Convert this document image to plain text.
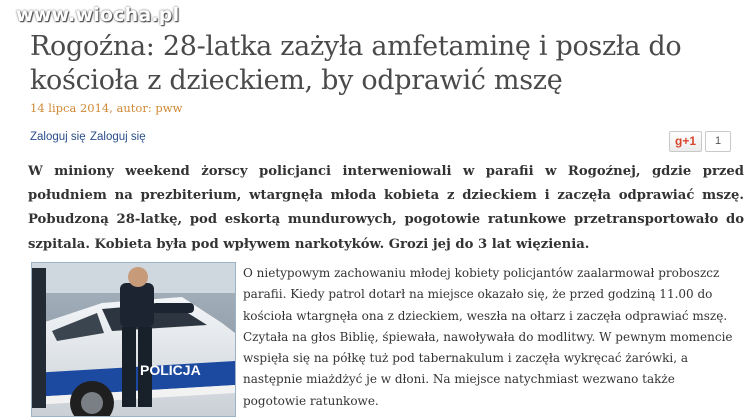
www.wiocha.pl
Rogoźna: 28-latka zażyła amfetaminę i poszła do kościoła z dzieckiem, by odprawić mszę
14 lipca 2014, autor: pww
Zaloguj się Zaloguj się	g+1	1

W miniony weekend żorscy policjanci interweniowali w parafii w Rogoźnej, gdzie przed południem na prezbiterium, wtargnęła młoda kobieta z dzieckiem i zaczęła odprawiać mszę. Pobudzoną 28-latkę, pod eskortą mundurowych, pogotowie ratunkowe przetransportowało do szpitala. Kobieta była pod wpływem narkotyków. Grozi jej do 3 lat więzienia.

POLICJA

O nietypowym zachowaniu młodej kobiety policjantów zaalarmował proboszcz parafii. Kiedy patrol dotarł na miejsce okazało się, że przed godziną 11.00 do kościoła wtargnęła ona z dzieckiem, weszła na ołtarz i zaczęła odprawiać mszę. Czytała na głos Biblię, śpiewała, nawoływała do modlitwy. W pewnym momencie wspięła się na półkę tuż pod tabernakulum i zaczęła wykręcać żarówki, a następnie miażdżyć je w dłoni. Na miejsce natychmiast wezwano także pogotowie ratunkowe.
